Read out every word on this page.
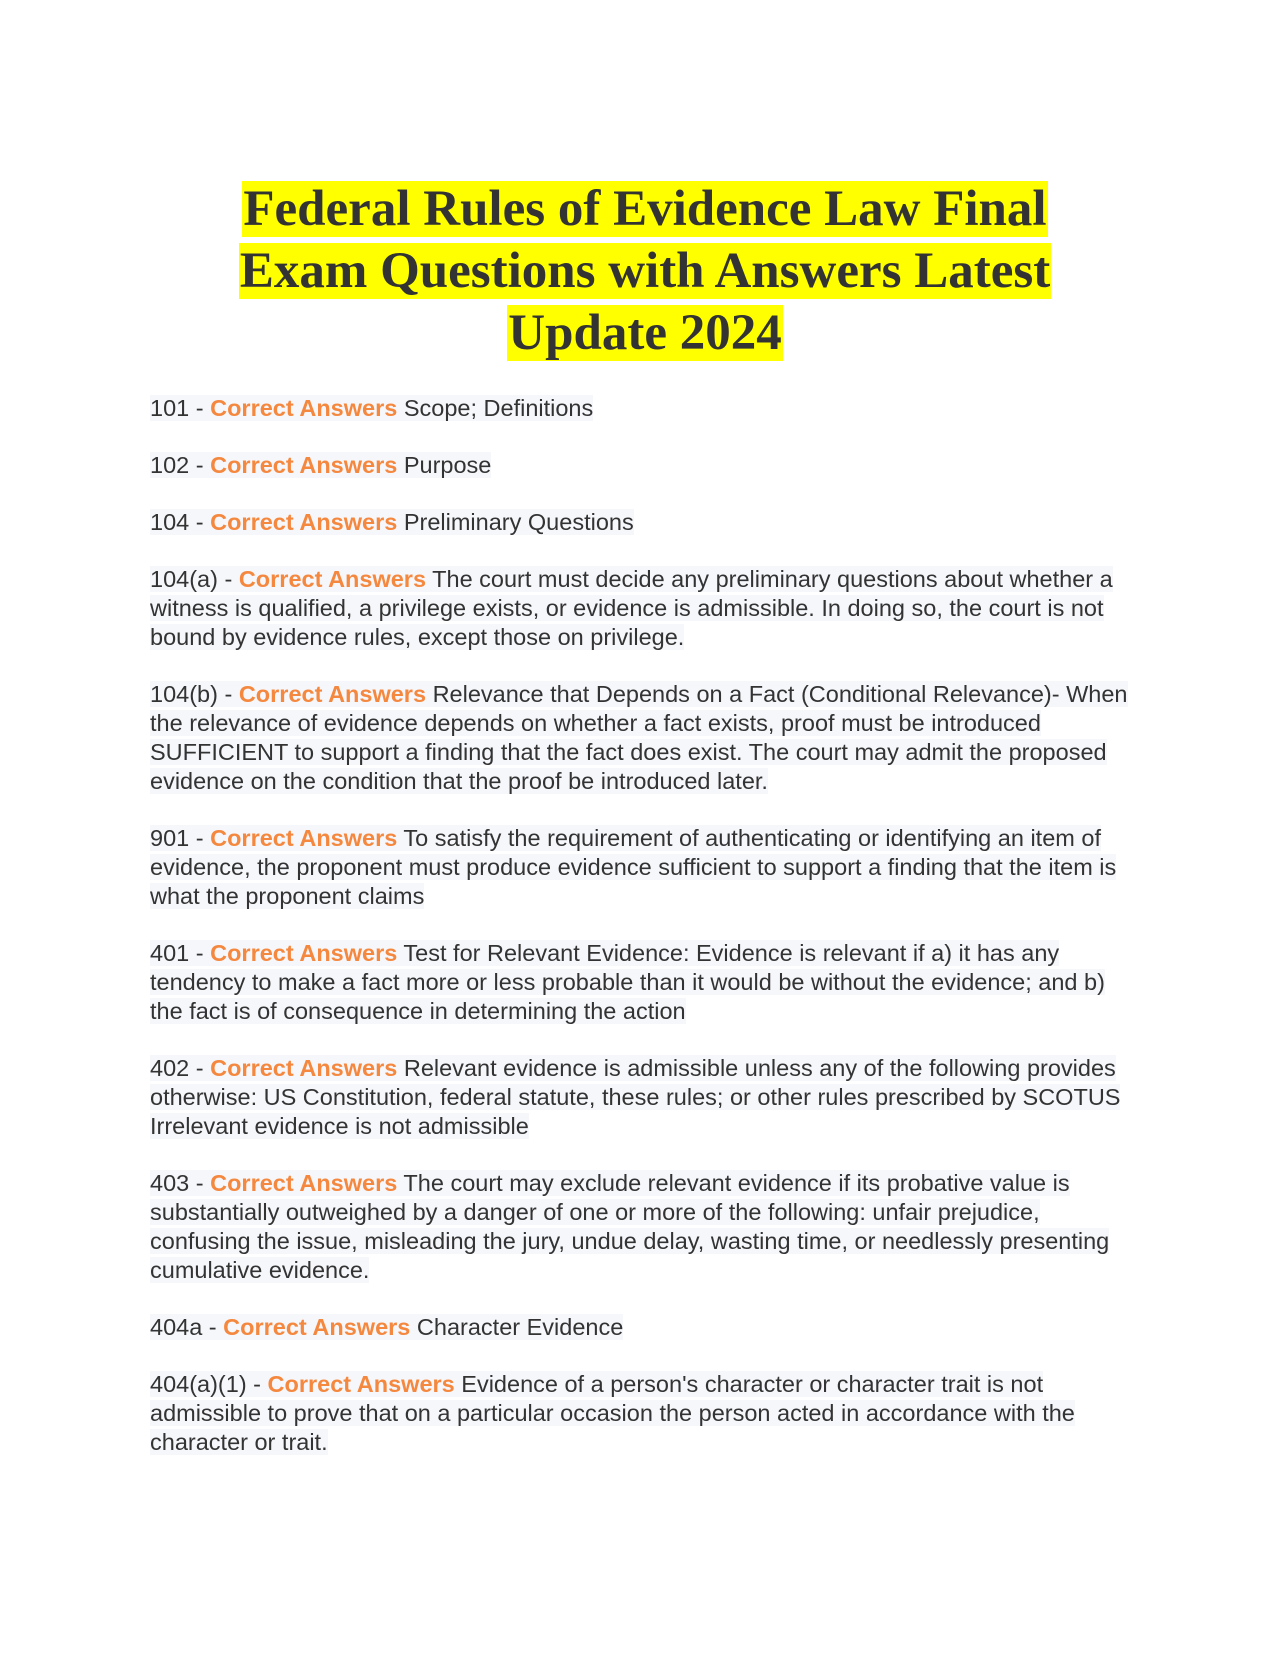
Federal Rules of Evidence Law Final
Exam Questions with Answers Latest
Update 2024

101 - Correct Answers Scope; Definitions

102 - Correct Answers Purpose

104 - Correct Answers Preliminary Questions

104(a) - Correct Answers The court must decide any preliminary questions about whether a witness is qualified, a privilege exists, or evidence is admissible. In doing so, the court is not bound by evidence rules, except those on privilege.

104(b) - Correct Answers Relevance that Depends on a Fact (Conditional Relevance)- When the relevance of evidence depends on whether a fact exists, proof must be introduced SUFFICIENT to support a finding that the fact does exist. The court may admit the proposed evidence on the condition that the proof be introduced later.

901 - Correct Answers To satisfy the requirement of authenticating or identifying an item of evidence, the proponent must produce evidence sufficient to support a finding that the item is what the proponent claims

401 - Correct Answers Test for Relevant Evidence: Evidence is relevant if a) it has any tendency to make a fact more or less probable than it would be without the evidence; and b) the fact is of consequence in determining the action

402 - Correct Answers Relevant evidence is admissible unless any of the following provides otherwise: US Constitution, federal statute, these rules; or other rules prescribed by SCOTUS
Irrelevant evidence is not admissible

403 - Correct Answers The court may exclude relevant evidence if its probative value is substantially outweighed by a danger of one or more of the following: unfair prejudice, confusing the issue, misleading the jury, undue delay, wasting time, or needlessly presenting cumulative evidence.

404a - Correct Answers Character Evidence

404(a)(1) - Correct Answers Evidence of a person's character or character trait is not admissible to prove that on a particular occasion the person acted in accordance with the character or trait.
